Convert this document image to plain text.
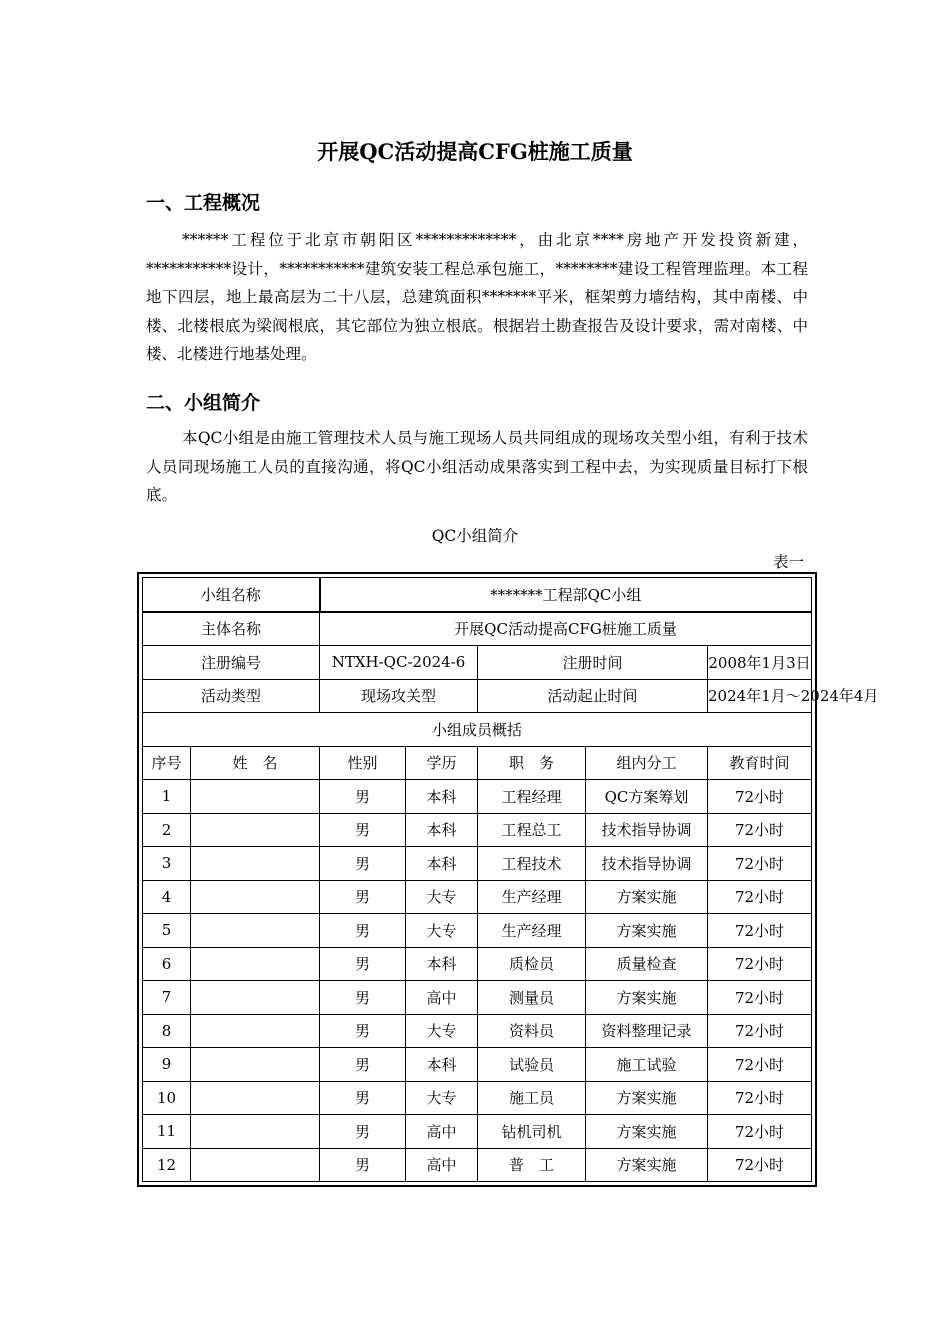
开展QC活动提高CFG桩施工质量
一、工程概况

******工程位于北京市朝阳区*************，由北京****房地产开发投资新建，***********设计，***********建筑安装工程总承包施工，********建设工程管理监理。本工程地下四层，地上最高层为二十八层，总建筑面积*******平米，框架剪力墙结构，其中南楼、中楼、北楼根底为梁阀根底，其它部位为独立根底。根据岩土勘查报告及设计要求，需对南楼、中楼、北楼进行地基处理。

二、小组简介

本QC小组是由施工管理技术人员与施工现场人员共同组成的现场攻关型小组，有利于技术人员同现场施工人员的直接沟通，将QC小组活动成果落实到工程中去，为实现质量目标打下根底。

QC小组简介
表一
小组名称		*******工程部QC小组				
主体名称		开展QC活动提高CFG桩施工质量				
注册编号		NTXH-QC-2024-6		注册时间		2008年1月3日
活动类型		现场攻关型		活动起止时间		2024年1月～2024年4月
小组成员概括						
序号	姓　名	性别	学历	职　务	组内分工	教育时间
1		男	本科	工程经理	QC方案筹划	72小时
2		男	本科	工程总工	技术指导协调	72小时
3		男	本科	工程技术	技术指导协调	72小时
4		男	大专	生产经理	方案实施	72小时
5		男	大专	生产经理	方案实施	72小时
6		男	本科	质检员	质量检查	72小时
7		男	高中	测量员	方案实施	72小时
8		男	大专	资料员	资料整理记录	72小时
9		男	本科	试验员	施工试验	72小时
10		男	大专	施工员	方案实施	72小时
11		男	高中	钻机司机	方案实施	72小时
12		男	高中	普　工	方案实施	72小时
